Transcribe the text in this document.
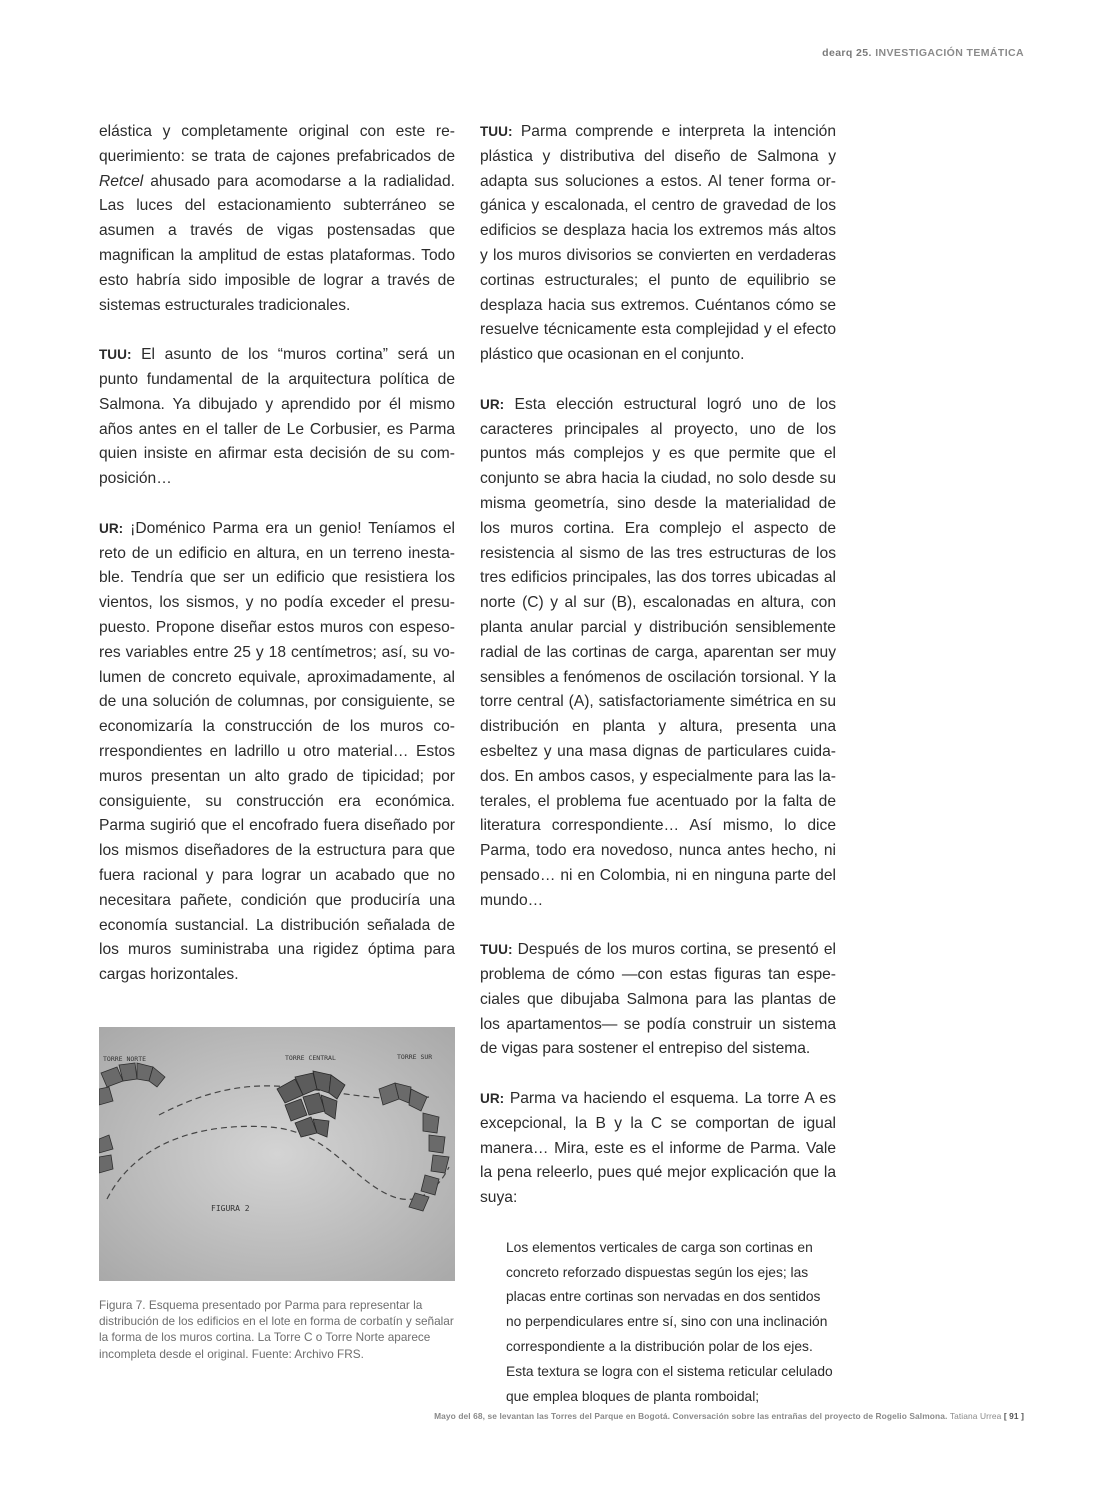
dearq 25. INVESTIGACIÓN TEMÁTICA

elástica y completamente original con este requerimiento: se trata de cajones prefabricados de Retcel ahusado para acomodarse a la radialidad. Las luces del estacionamiento subterráneo se asumen a través de vigas postensadas que magnifican la amplitud de estas plataformas. Todo esto habría sido imposible de lograr a través de sistemas estructurales tradicionales.

TUU: El asunto de los “muros cortina” será un punto fundamental de la arquitectura política de Salmona. Ya dibujado y aprendido por él mismo años antes en el taller de Le Corbusier, es Parma quien insiste en afirmar esta decisión de su composición…

UR: ¡Doménico Parma era un genio! Teníamos el reto de un edificio en altura, en un terreno inestable. Tendría que ser un edificio que resistiera los vientos, los sismos, y no podía exceder el presupuesto. Propone diseñar estos muros con espesores variables entre 25 y 18 centímetros; así, su volumen de concreto equivale, aproximadamente, al de una solución de columnas, por consiguiente, se economizaría la construcción de los muros correspondientes en ladrillo u otro material… Estos muros presentan un alto grado de tipicidad; por consiguiente, su construcción era económica. Parma sugirió que el encofrado fuera diseñado por los mismos diseñadores de la estructura para que fuera racional y para lograr un acabado que no necesitara pañete, condición que produciría una economía sustancial. La distribución señalada de los muros suministraba una rigidez óptima para cargas horizontales.

TORRE NORTE	TORRE CENTRAL	TORRE SUR
FIGURA 2
Figura 7. Esquema presentado por Parma para representar la distribución de los edificios en el lote en forma de corbatín y señalar la forma de los muros cortina. La Torre C o Torre Norte aparece incompleta desde el original. Fuente: Archivo FRS.

TUU: Parma comprende e interpreta la intención plástica y distributiva del diseño de Salmona y adapta sus soluciones a estos. Al tener forma orgánica y escalonada, el centro de gravedad de los edificios se desplaza hacia los extremos más altos y los muros divisorios se convierten en verdaderas cortinas estructurales; el punto de equilibrio se desplaza hacia sus extremos. Cuéntanos cómo se resuelve técnicamente esta complejidad y el efecto plástico que ocasionan en el conjunto.

UR: Esta elección estructural logró uno de los caracteres principales al proyecto, uno de los puntos más complejos y es que permite que el conjunto se abra hacia la ciudad, no solo desde su misma geometría, sino desde la materialidad de los muros cortina. Era complejo el aspecto de resistencia al sismo de las tres estructuras de los tres edificios principales, las dos torres ubicadas al norte (C) y al sur (B), escalonadas en altura, con planta anular parcial y distribución sensiblemente radial de las cortinas de carga, aparentan ser muy sensibles a fenómenos de oscilación torsional. Y la torre central (A), satisfactoriamente simétrica en su distribución en planta y altura, presenta una esbeltez y una masa dignas de particulares cuidados. En ambos casos, y especialmente para las laterales, el problema fue acentuado por la falta de literatura correspondiente… Así mismo, lo dice Parma, todo era novedoso, nunca antes hecho, ni pensado… ni en Colombia, ni en ninguna parte del mundo…

TUU: Después de los muros cortina, se presentó el problema de cómo —con estas figuras tan especiales que dibujaba Salmona para las plantas de los apartamentos— se podía construir un sistema de vigas para sostener el entrepiso del sistema.

UR: Parma va haciendo el esquema. La torre A es excepcional, la B y la C se comportan de igual manera… Mira, este es el informe de Parma. Vale la pena releerlo, pues qué mejor explicación que la suya:

Los elementos verticales de carga son cortinas en concreto reforzado dispuestas según los ejes; las placas entre cortinas son nervadas en dos sentidos no perpendiculares entre sí, sino con una inclinación correspondiente a la distribución polar de los ejes. Esta textura se logra con el sistema reticular celulado que emplea bloques de planta romboidal;

Mayo del 68, se levantan las Torres del Parque en Bogotá. Conversación sobre las entrañas del proyecto de Rogelio Salmona. Tatiana Urrea [ 91 ]
